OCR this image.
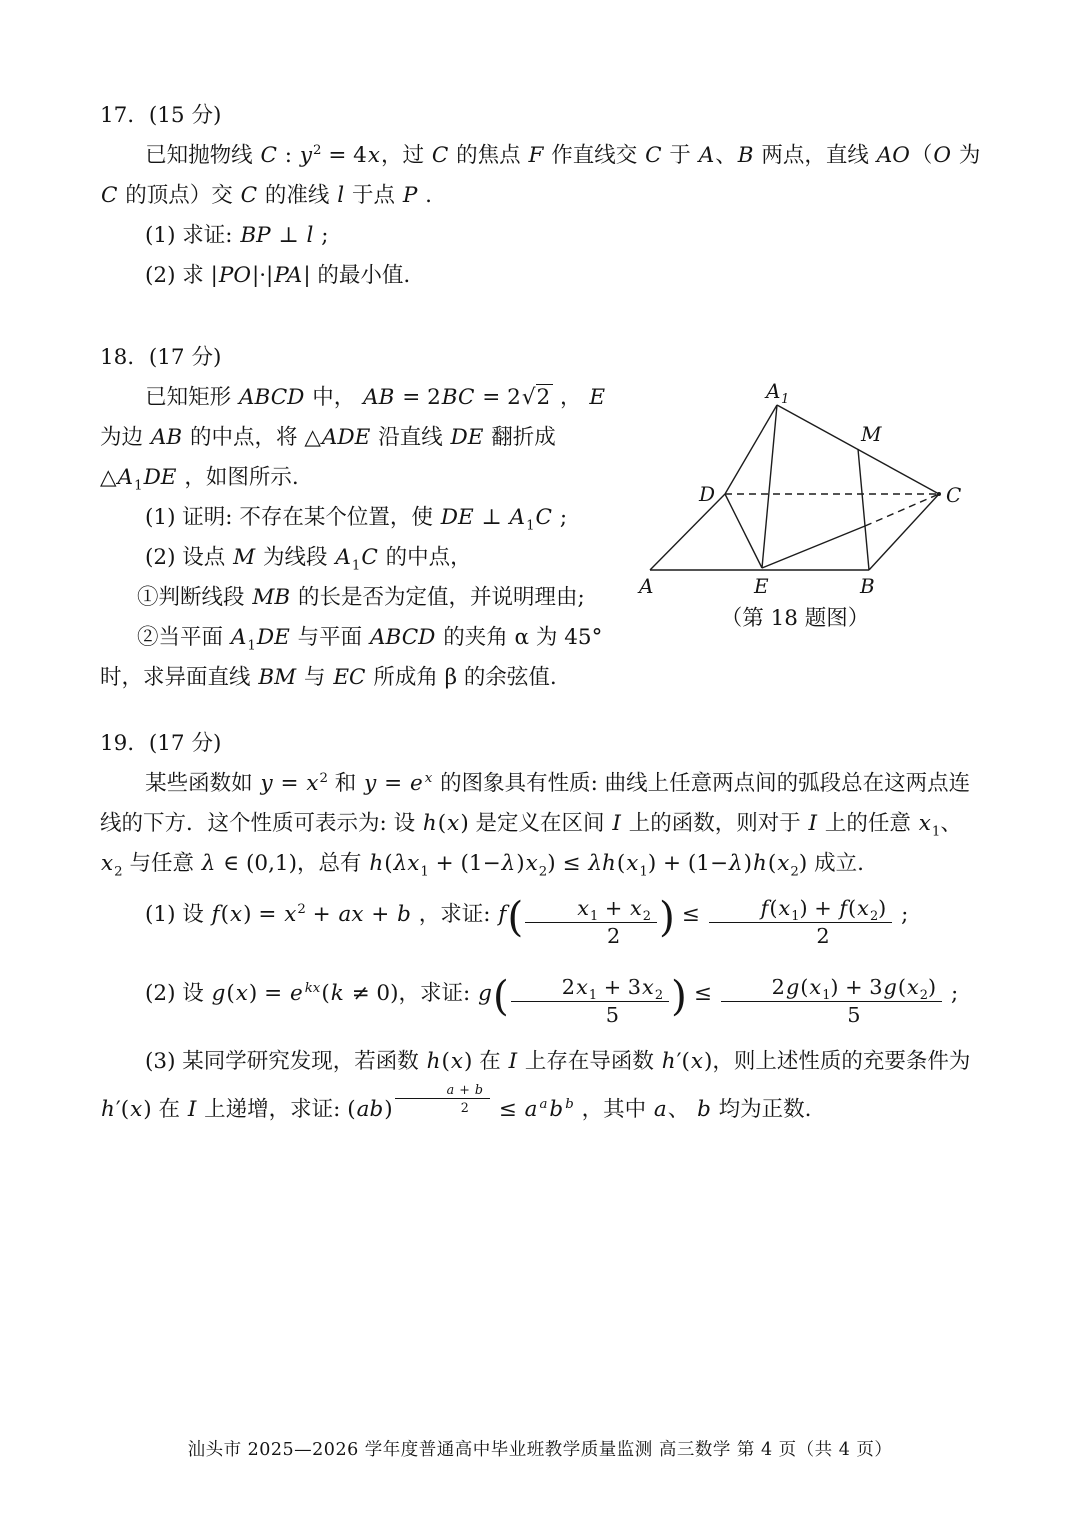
17．(15 分)

已知抛物线 C : $y^2 = 4x$，过 C 的焦点 F 作直线交 C 于 A、B 两点，直线 AO（O 为 C 的顶点）交 C 的准线 l 于点 P .

(1) 求证: BP ⊥ l ;

(2) 求 |PO|·|PA| 的最小值.

18．(17 分)

A 1
M
D	C
A	E	B

（第 18 题图）

已知矩形 ABCD 中， AB = 2BC = 2√2 ， E 为边 AB 的中点，将 △ADE 沿直线 DE 翻折成 $\triangle A_1DE$ ，如图所示.

(1) 证明: 不存在某个位置，使 DE ⊥ $A_1C$ ;

(2) 设点 M 为线段 $A_1C$ 的中点，

①判断线段 MB 的长是否为定值，并说明理由;

②当平面 $A_1DE$ 与平面 ABCD 的夹角 α 为 45° 时，求异面直线 BM 与 EC 所成角 β 的余弦值.

19．(17 分)

某些函数如 $y = x^2$ 和 y = e $^x$ 的图象具有性质: 曲线上任意两点间的弧段总在这两点连线的下方．这个性质可表示为: 设 h(x) 是定义在区间 I 上的函数，则对于 I 上的任意 $x_1$、 $x_2$ 与任意 λ ∈ (0,1)，总有 $h(\lambda x_1 + (1-\lambda)x_2) \le \lambda h(x_1) + (1-\lambda)h(x_2)$ 成立.

(1) 设 $f(x) = x^2$ + ax + b ，求证: $f( \frac{x_1 + x_2}{2}$ ) ≤ $\frac{f(x_1) + f(x_2)}{2}$ ;

(2) 设 g(x) = e $^{kx}$(k ≠ 0)，求证: $g( \frac{2x_1 + 3x_2}{5}$ ) ≤ $\frac{2g(x_1) + 3g(x_2)}{5}$ ;

(3) 某同学研究发现，若函数 h(x) 在 I 上存在导函数 h′(x)，则上述性质的充要条件为 h′(x) 在 I 上递增，求证: (ab) $^{\frac{a + b}{2}}$ ≤ a $^a$b $^b$ ，其中 a、 b 均为正数.

汕头市 2025—2026 学年度普通高中毕业班教学质量监测 高三数学 第 4 页（共 4 页）
